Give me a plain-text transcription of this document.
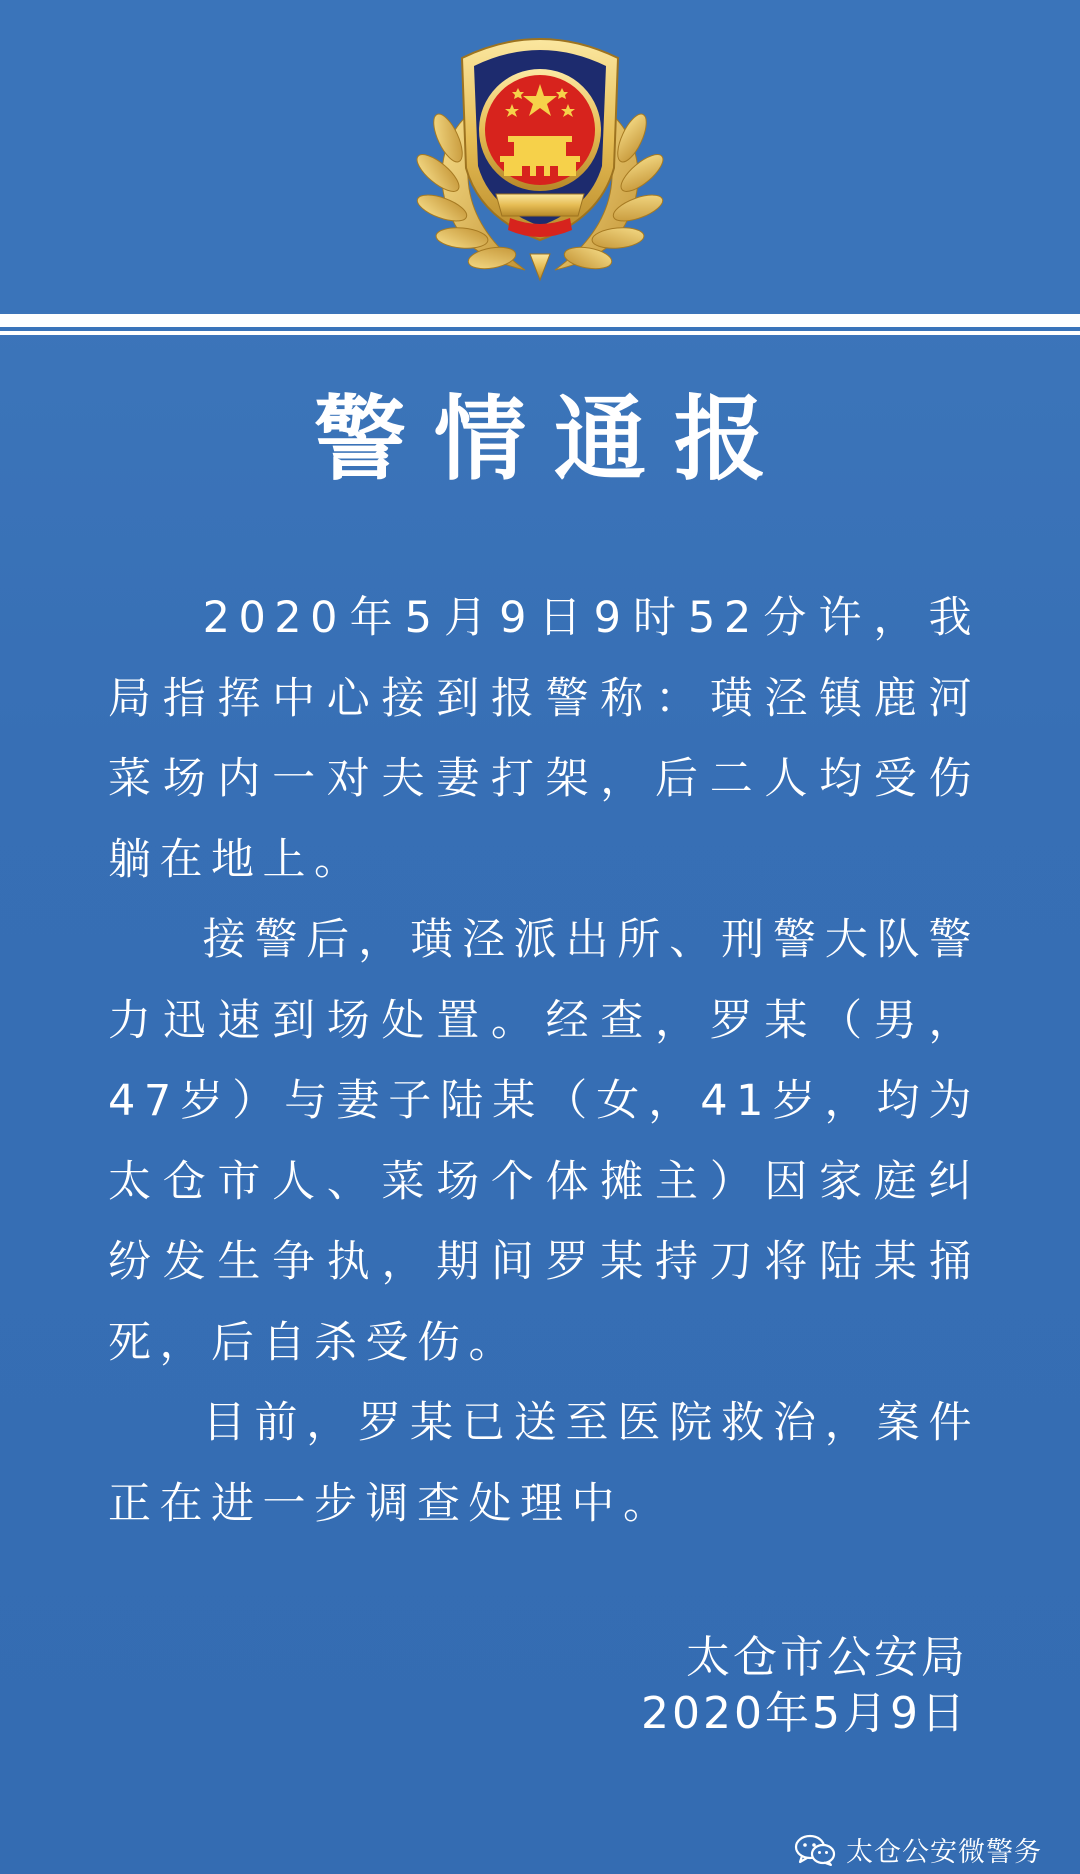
警情通报

2020年5月9日9时52分许，我局指挥中心接到报警称：璜泾镇鹿河菜场内一对夫妻打架，后二人均受伤躺在地上。

接警后，璜泾派出所、刑警大队警力迅速到场处置。经查，罗某（男，47岁）与妻子陆某（女，41岁，均为太仓市人、菜场个体摊主）因家庭纠纷发生争执，期间罗某持刀将陆某捅死，后自杀受伤。

目前，罗某已送至医院救治，案件正在进一步调查处理中。

太仓市公安局
2020年5月9日
太仓公安微警务
